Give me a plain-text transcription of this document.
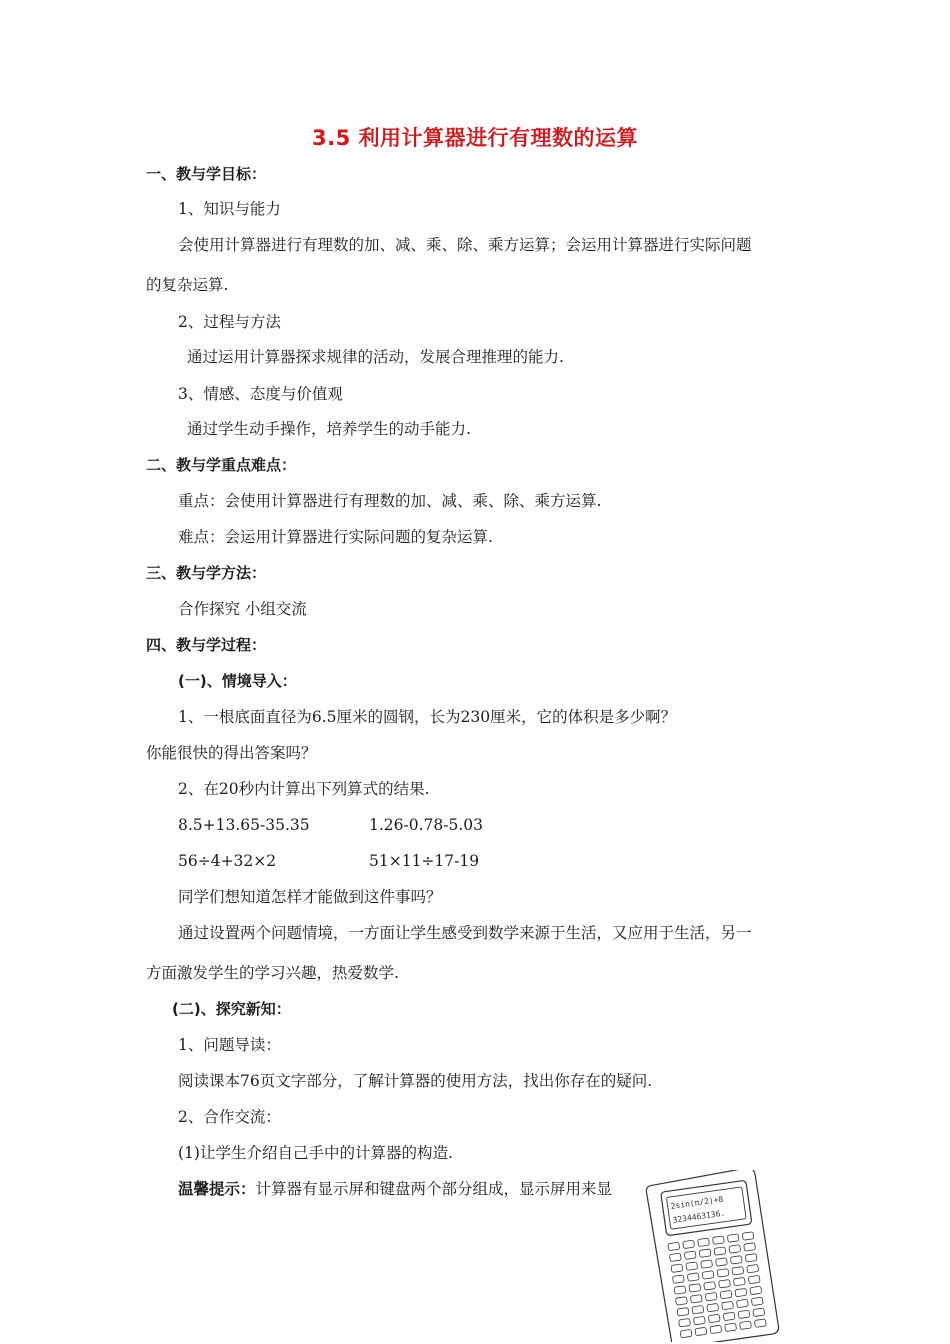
3.5 利用计算器进行有理数的运算
一、教与学目标：
1、知识与能力
会使用计算器进行有理数的加、减、乘、除、乘方运算；会运用计算器进行实际问题
的复杂运算.
2、过程与方法
通过运用计算器探求规律的活动，发展合理推理的能力.
3、情感、态度与价值观
通过学生动手操作，培养学生的动手能力.
二、教与学重点难点：
重点：会使用计算器进行有理数的加、减、乘、除、乘方运算.
难点：会运用计算器进行实际问题的复杂运算.
三、教与学方法：
合作探究 小组交流
四、教与学过程：
(一)、情境导入：
1、一根底面直径为6.5厘米的圆钢，长为230厘米，它的体积是多少啊？
你能很快的得出答案吗？
2、在20秒内计算出下列算式的结果.
8.5+13.65-35.35	1.26-0.78-5.03
56÷4+32×2	51×11÷17-19
同学们想知道怎样才能做到这件事吗？
通过设置两个问题情境，一方面让学生感受到数学来源于生活，又应用于生活，另一
方面激发学生的学习兴趣，热爱数学.
(二)、探究新知：
1、问题导读：
阅读课本76页文字部分，了解计算器的使用方法，找出你存在的疑问.
2、合作交流：
(1)让学生介绍自己手中的计算器的构造.
温馨提示：计算器有显示屏和键盘两个部分组成，显示屏用来显
2sin(π/2)+8
3234463136.
